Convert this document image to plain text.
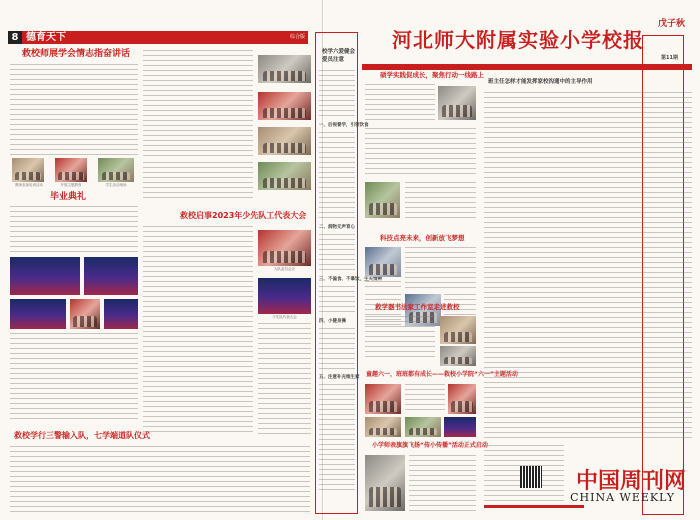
8 德育天下	综合版
救校师展学会情志指奋讲话
教师参加培训活动	开展主题教育	学生活动现场
毕业典礼
救校学行三警输入队，七学端道队仪式
救校启事2023年少先队工代表大会
大队委员会议
少先队代表大会
校学六爱健会
爱员注意
一、后视督学，引领饮食
二、润物无声育心
三、不偏食、不暴饮，生关情辨
四、小健身操
五、注意补充维生素
河北师大附属实验小学校报
戊子秋
第11期
硕学实践促成长，聚焦行动一线路上
科技点亮未来，创新放飞梦想
救学器书法家工作室走进救校
童趣六一，班班都有成长——救校小学院“六一”主题活动
小学师表旗旗飞扬“传小传播”活动正式启动
班主任怎样才能发挥家校沟通中的主导作用
中国周刊网
CHINA WEEKLY
